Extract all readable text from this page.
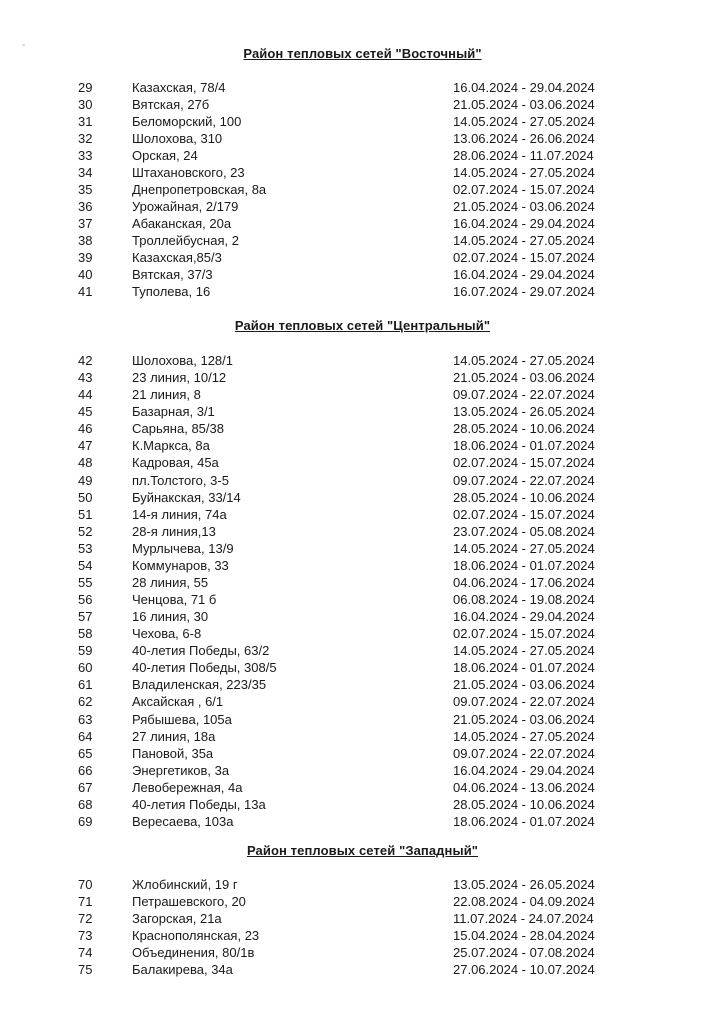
-
Район тепловых сетей "Восточный"
29	Казахская, 78/4	16.04.2024 - 29.04.2024
30	Вятская, 27б	21.05.2024 - 03.06.2024
31	Беломорский, 100	14.05.2024 - 27.05.2024
32	Шолохова, 310	13.06.2024 - 26.06.2024
33	Орская, 24	28.06.2024 - 11.07.2024
34	Штахановского, 23	14.05.2024 - 27.05.2024
35	Днепропетровская, 8а	02.07.2024 - 15.07.2024
36	Урожайная, 2/179	21.05.2024 - 03.06.2024
37	Абаканская, 20а	16.04.2024 - 29.04.2024
38	Троллейбусная, 2	14.05.2024 - 27.05.2024
39	Казахская,85/3	02.07.2024 - 15.07.2024
40	Вятская, 37/3	16.04.2024 - 29.04.2024
41	Туполева, 16	16.07.2024 - 29.07.2024
Район тепловых сетей "Центральный"
42	Шолохова, 128/1	14.05.2024 - 27.05.2024
43	23 линия, 10/12	21.05.2024 - 03.06.2024
44	21 линия, 8	09.07.2024 - 22.07.2024
45	Базарная, 3/1	13.05.2024 - 26.05.2024
46	Сарьяна, 85/38	28.05.2024 - 10.06.2024
47	К.Маркса, 8а	18.06.2024 - 01.07.2024
48	Кадровая, 45а	02.07.2024 - 15.07.2024
49	пл.Толстого, 3-5	09.07.2024 - 22.07.2024
50	Буйнакская, 33/14	28.05.2024 - 10.06.2024
51	14-я линия, 74а	02.07.2024 - 15.07.2024
52	28-я линия,13	23.07.2024 - 05.08.2024
53	Мурлычева, 13/9	14.05.2024 - 27.05.2024
54	Коммунаров, 33	18.06.2024 - 01.07.2024
55	28 линия, 55	04.06.2024 - 17.06.2024
56	Ченцова, 71 б	06.08.2024 - 19.08.2024
57	16 линия, 30	16.04.2024 - 29.04.2024
58	Чехова, 6-8	02.07.2024 - 15.07.2024
59	40-летия Победы, 63/2	14.05.2024 - 27.05.2024
60	40-летия Победы, 308/5	18.06.2024 - 01.07.2024
61	Владиленская, 223/35	21.05.2024 - 03.06.2024
62	Аксайская , 6/1	09.07.2024 - 22.07.2024
63	Рябышева, 105а	21.05.2024 - 03.06.2024
64	27 линия, 18а	14.05.2024 - 27.05.2024
65	Пановой, 35а	09.07.2024 - 22.07.2024
66	Энергетиков, 3а	16.04.2024 - 29.04.2024
67	Левобережная, 4а	04.06.2024 - 13.06.2024
68	40-летия Победы, 13а	28.05.2024 - 10.06.2024
69	Вересаева, 103а	18.06.2024 - 01.07.2024
Район тепловых сетей "Западный"
70	Жлобинский, 19 г	13.05.2024 - 26.05.2024
71	Петрашевского, 20	22.08.2024 - 04.09.2024
72	Загорская, 21а	11.07.2024 - 24.07.2024
73	Краснополянская, 23	15.04.2024 - 28.04.2024
74	Объединения, 80/1в	25.07.2024 - 07.08.2024
75	Балакирева, 34а	27.06.2024 - 10.07.2024
